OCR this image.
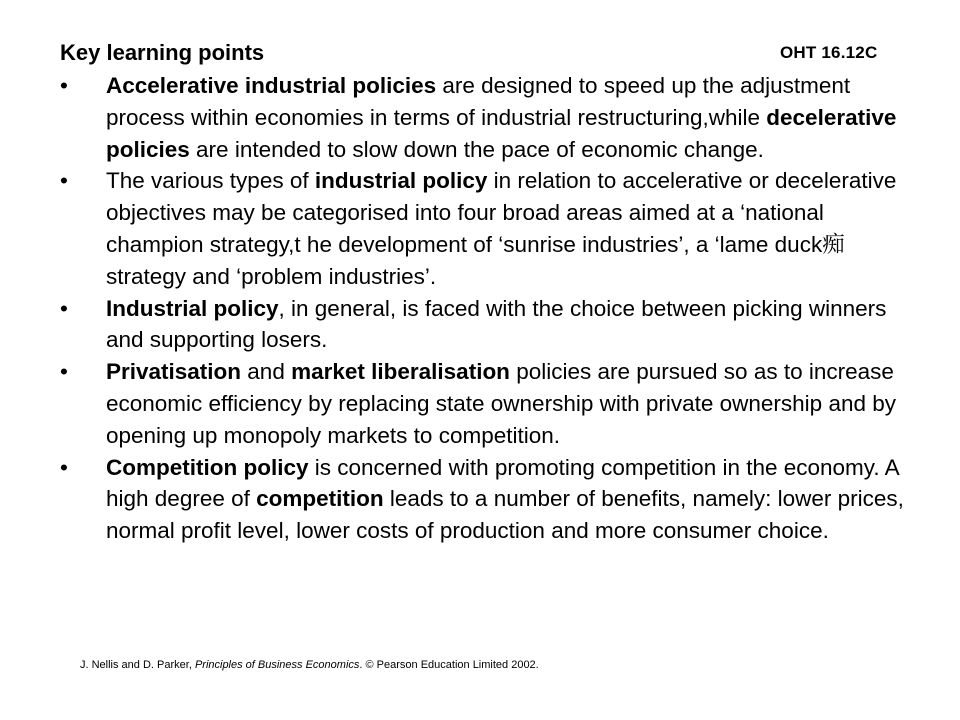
OHT 16.12C
Key learning points
• Accelerative industrial policies are designed to speed up the adjustment process within economies in terms of industrial restructuring,while decelerative policies are intended to slow down the pace of economic change.
• The various types of industrial policy in relation to accelerative or decelerative objectives may be categorised into four broad areas aimed at a ‘national champion strategy,t he development of ‘sunrise industries’, a ‘lame duck痴strategy and ‘problem industries’.
• Industrial policy, in general, is faced with the choice between picking winners and supporting losers.
• Privatisation and market liberalisation policies are pursued so as to increase economic efficiency by replacing state ownership with private ownership and by opening up monopoly markets to competition.
• Competition policy is concerned with promoting competition in the economy. A high degree of competition leads to a number of benefits, namely: lower prices, normal profit level, lower costs of production and more consumer choice.
J. Nellis and D. Parker, Principles of Business Economics. © Pearson Education Limited 2002.
